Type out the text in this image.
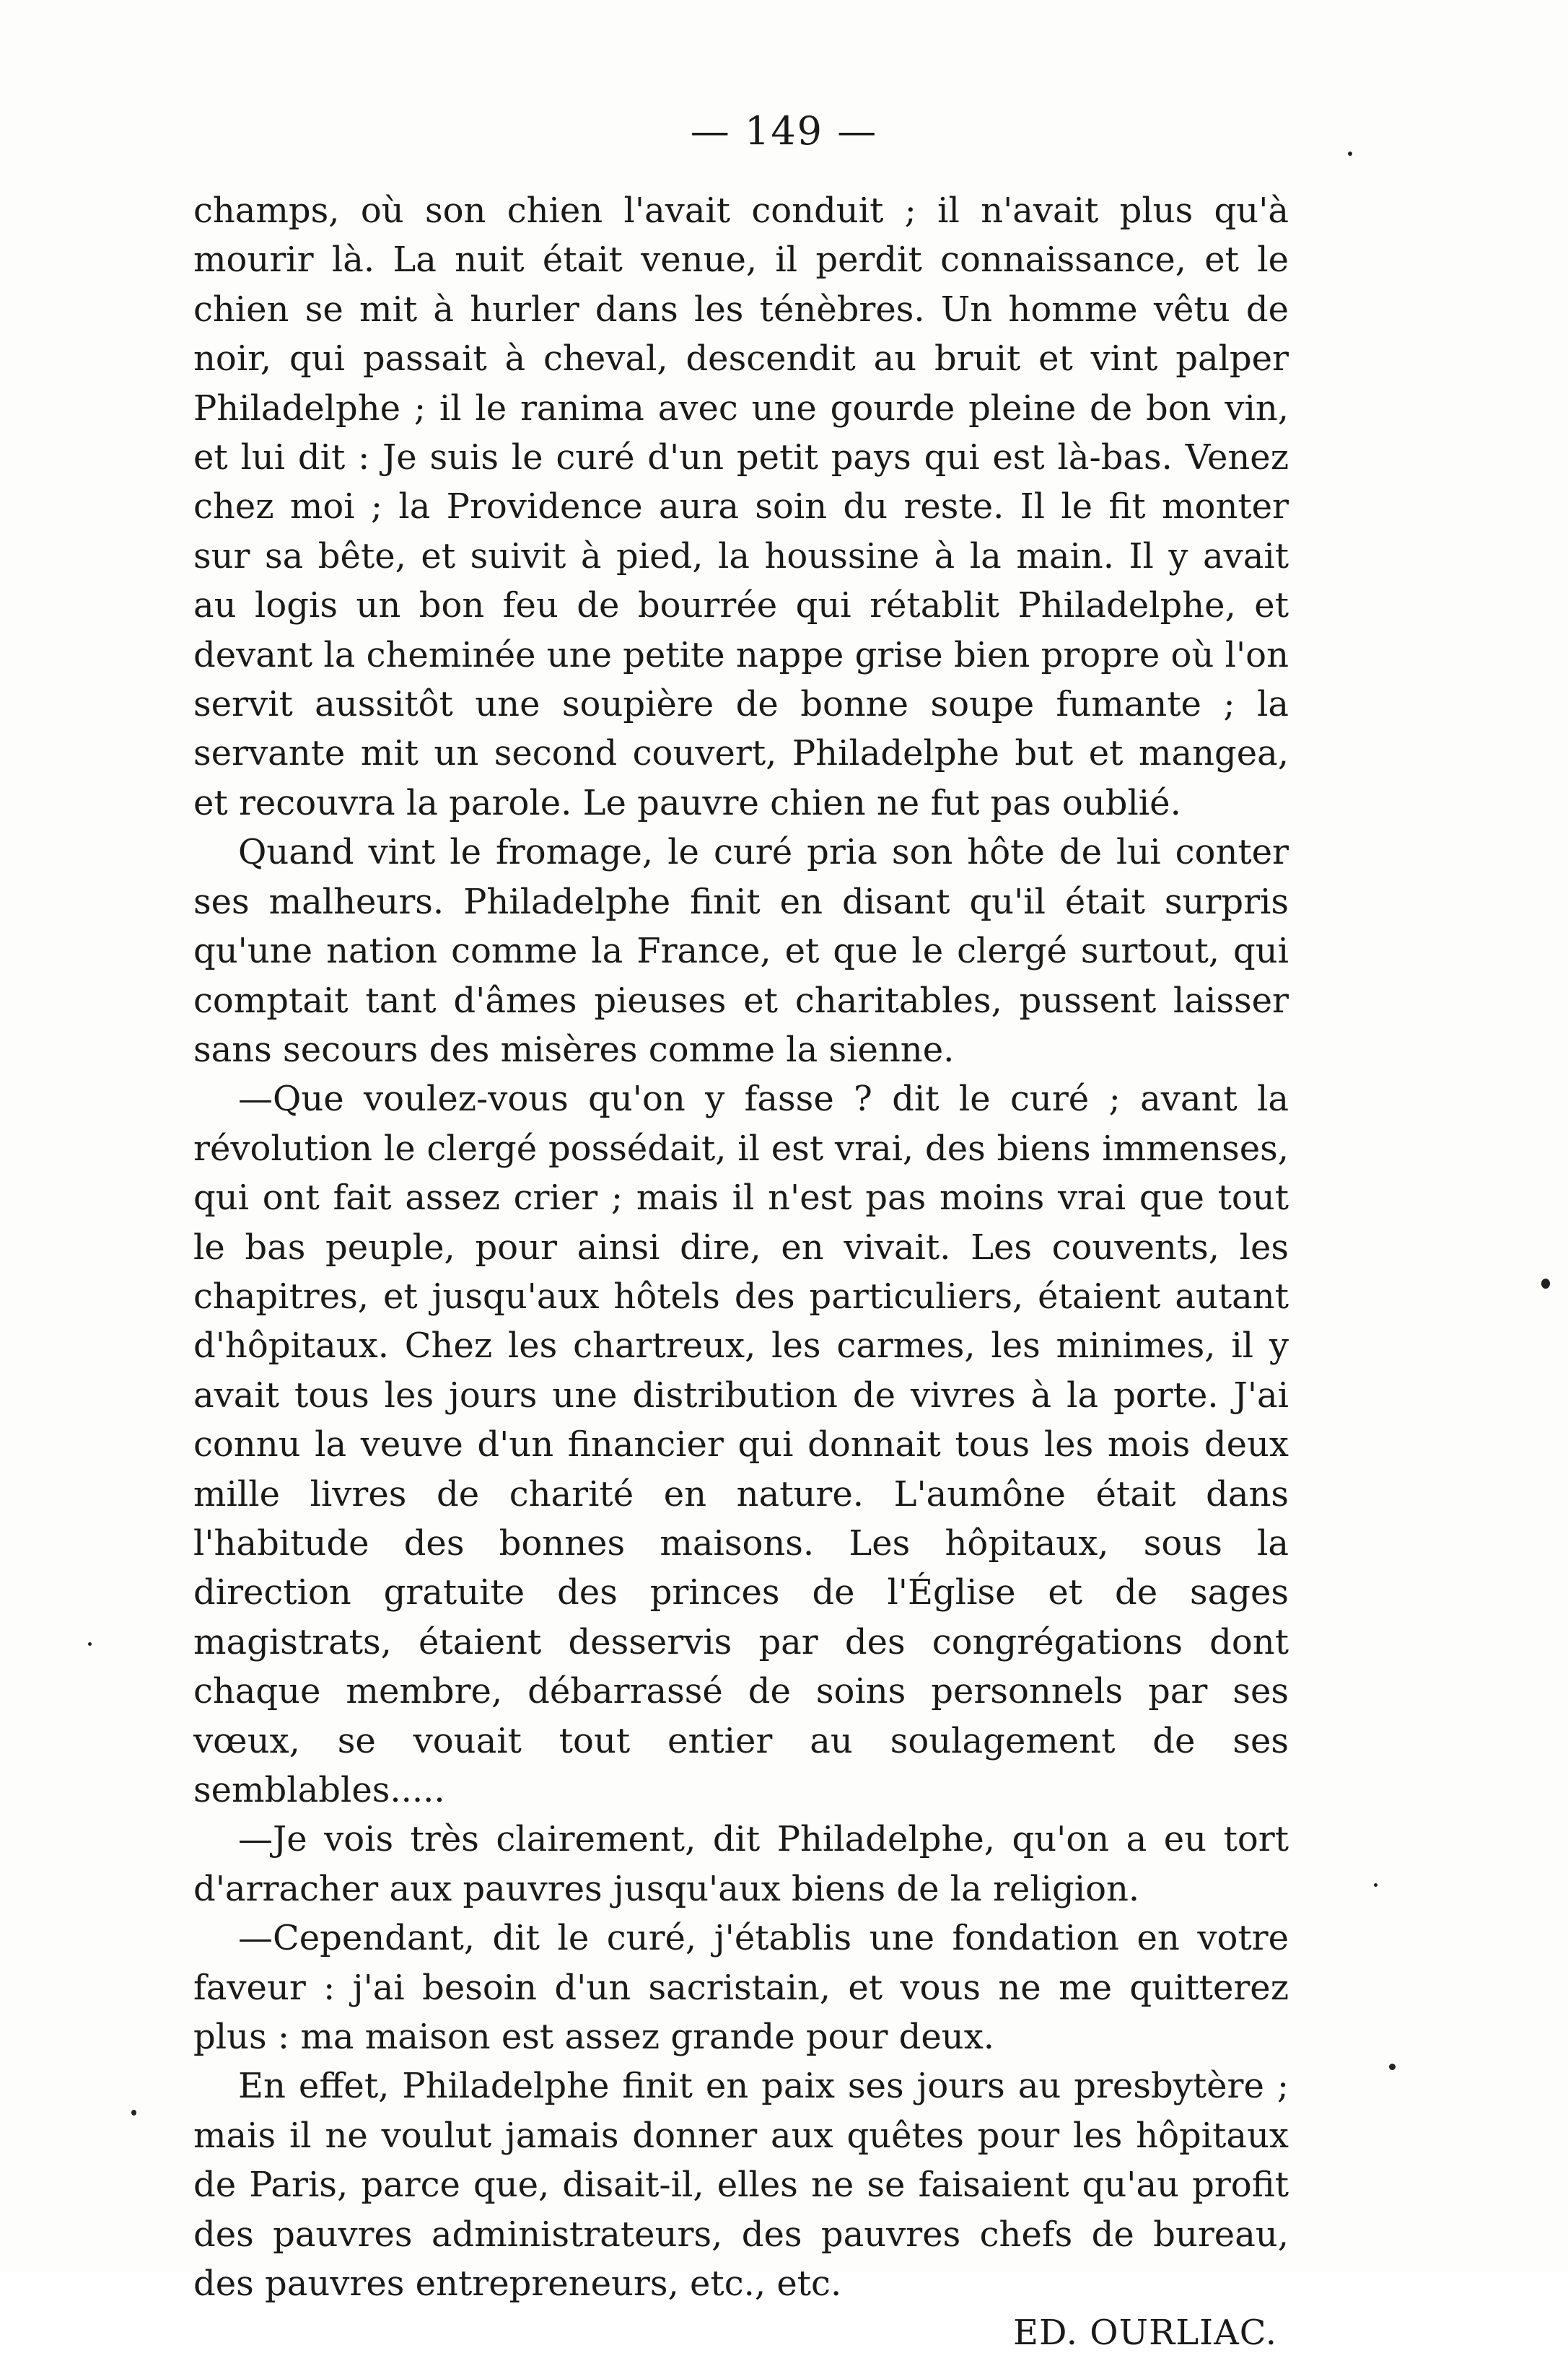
— 149 —

champs, où son chien l'avait conduit ; il n'avait plus qu'à mourir là. La nuit était venue, il perdit connaissance, et le chien se mit à hurler dans les ténèbres. Un homme vêtu de noir, qui passait à cheval, descendit au bruit et vint palper Philadelphe ; il le ranima avec une gourde pleine de bon vin, et lui dit : Je suis le curé d'un petit pays qui est là-bas. Venez chez moi ; la Providence aura soin du reste. Il le fit monter sur sa bête, et suivit à pied, la houssine à la main. Il y avait au logis un bon feu de bourrée qui rétablit Philadelphe, et devant la cheminée une petite nappe grise bien propre où l'on servit aussitôt une soupière de bonne soupe fumante ; la servante mit un second couvert, Philadelphe but et mangea, et recouvra la parole. Le pauvre chien ne fut pas oublié.

Quand vint le fromage, le curé pria son hôte de lui conter ses malheurs. Philadelphe finit en disant qu'il était surpris qu'une nation comme la France, et que le clergé surtout, qui comptait tant d'âmes pieuses et charitables, pussent laisser sans secours des misères comme la sienne.

—Que voulez-vous qu'on y fasse ? dit le curé ; avant la révolution le clergé possédait, il est vrai, des biens immenses, qui ont fait assez crier ; mais il n'est pas moins vrai que tout le bas peuple, pour ainsi dire, en vivait. Les couvents, les chapitres, et jusqu'aux hôtels des particuliers, étaient autant d'hôpitaux. Chez les chartreux, les carmes, les minimes, il y avait tous les jours une distribution de vivres à la porte. J'ai connu la veuve d'un financier qui donnait tous les mois deux mille livres de charité en nature. L'aumône était dans l'habitude des bonnes maisons. Les hôpitaux, sous la direction gratuite des princes de l'Église et de sages magistrats, étaient desservis par des congrégations dont chaque membre, débarrassé de soins personnels par ses vœux, se vouait tout entier au soulagement de ses semblables.....

—Je vois très clairement, dit Philadelphe, qu'on a eu tort d'arracher aux pauvres jusqu'aux biens de la religion.

—Cependant, dit le curé, j'établis une fondation en votre faveur : j'ai besoin d'un sacristain, et vous ne me quitterez plus : ma maison est assez grande pour deux.

En effet, Philadelphe finit en paix ses jours au presbytère ; mais il ne voulut jamais donner aux quêtes pour les hôpitaux de Paris, parce que, disait-il, elles ne se faisaient qu'au profit des pauvres administrateurs, des pauvres chefs de bureau, des pauvres entrepreneurs, etc., etc.

ED. OURLIAC.
